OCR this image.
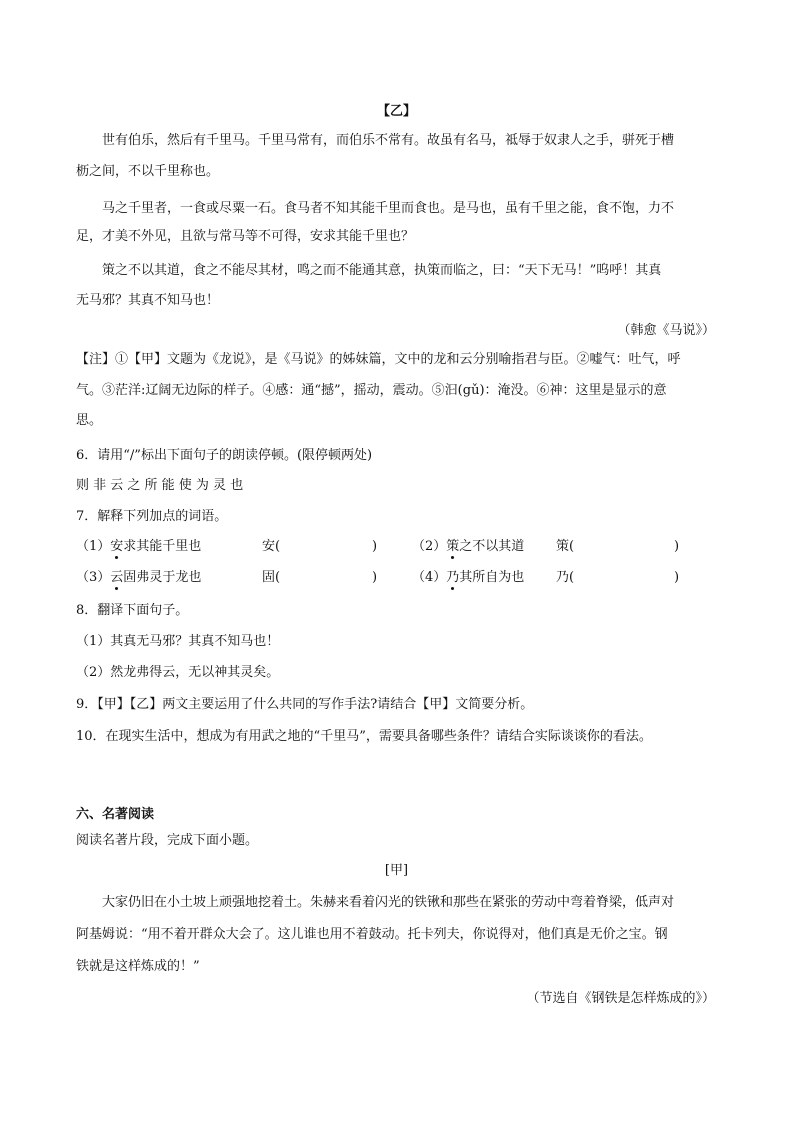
【乙】
世有伯乐，然后有千里马。千里马常有，而伯乐不常有。故虽有名马，祗辱于奴隶人之手，骈死于槽
枥之间，不以千里称也。
马之千里者，一食或尽粟一石。食马者不知其能千里而食也。是马也，虽有千里之能，食不饱，力不
足，才美不外见，且欲与常马等不可得，安求其能千里也？
策之不以其道，食之不能尽其材，鸣之而不能通其意，执策而临之，曰：“天下无马！”呜呼！其真
无马邪？其真不知马也！
（韩愈《马说》）
【注】①【甲】文题为《龙说》，是《马说》的姊妹篇，文中的龙和云分别喻指君与臣。②嘘气：吐气，呼
气。③茫洋:辽阔无边际的样子。④感：通“撼”，摇动，震动。⑤汩(gǔ)：淹没。⑥神：这里是显示的意
思。
6．请用“/”标出下面句子的朗读停顿。(限停顿两处)
则 非 云 之 所 能 使 为 灵 也
7．解释下列加点的词语。
（1）安求其能千里也	安(	)	（2）策之不以其道 策(	)
（3）云固弗灵于龙也	固(	)	（4）乃其所自为也 乃(	)
8．翻译下面句子。
（1）其真无马邪？其真不知马也！
（2）然龙弗得云，无以神其灵矣。
9．【甲】【乙】两文主要运用了什么共同的写作手法?请结合【甲】文简要分析。
10．在现实生活中，想成为有用武之地的“千里马”，需要具备哪些条件？请结合实际谈谈你的看法。
六、名著阅读
阅读名著片段，完成下面小题。
[甲]
大家仍旧在小土坡上顽强地挖着土。朱赫来看着闪光的铁锹和那些在紧张的劳动中弯着脊梁，低声对
阿基姆说：“用不着开群众大会了。这儿谁也用不着鼓动。托卡列夫，你说得对，他们真是无价之宝。钢
铁就是这样炼成的！”
（节选自《钢铁是怎样炼成的》）
